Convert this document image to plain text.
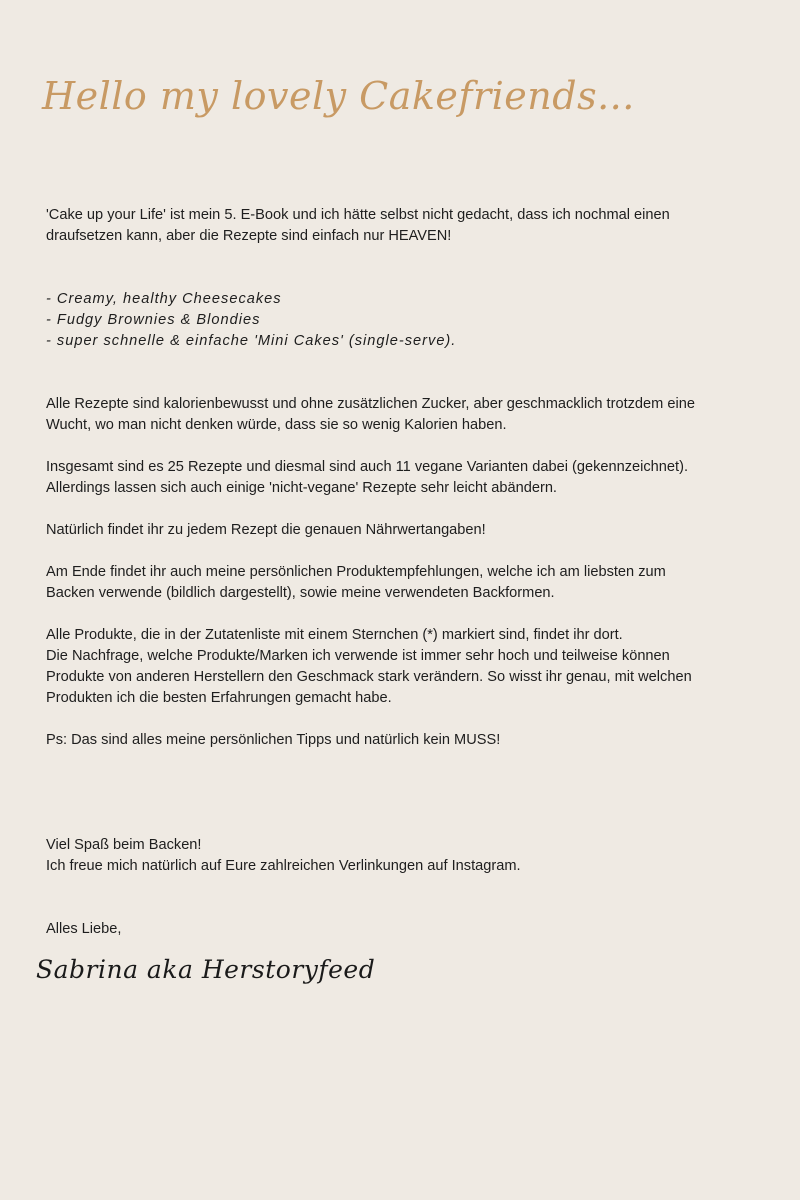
Hello my lovely Cakefriends...

'Cake up your Life' ist mein 5. E-Book und ich hätte selbst nicht gedacht, dass ich nochmal einen
draufsetzen kann, aber die Rezepte sind einfach nur HEAVEN!

- Creamy, healthy Cheesecakes
- Fudgy Brownies & Blondies
- super schnelle & einfache 'Mini Cakes' (single-serve).

Alle Rezepte sind kalorienbewusst und ohne zusätzlichen Zucker, aber geschmacklich trotzdem eine
Wucht, wo man nicht denken würde, dass sie so wenig Kalorien haben.

Insgesamt sind es 25 Rezepte und diesmal sind auch 11 vegane Varianten dabei (gekennzeichnet).
Allerdings lassen sich auch einige 'nicht-vegane' Rezepte sehr leicht abändern.

Natürlich findet ihr zu jedem Rezept die genauen Nährwertangaben!

Am Ende findet ihr auch meine persönlichen Produktempfehlungen, welche ich am liebsten zum
Backen verwende (bildlich dargestellt), sowie meine verwendeten Backformen.

Alle Produkte, die in der Zutatenliste mit einem Sternchen (*) markiert sind, findet ihr dort.
Die Nachfrage, welche Produkte/Marken ich verwende ist immer sehr hoch und teilweise können
Produkte von anderen Herstellern den Geschmack stark verändern. So wisst ihr genau, mit welchen
Produkten ich die besten Erfahrungen gemacht habe.

Ps: Das sind alles meine persönlichen Tipps und natürlich kein MUSS!

Viel Spaß beim Backen!
Ich freue mich natürlich auf Eure zahlreichen Verlinkungen auf Instagram.

Alles Liebe,

Sabrina aka Herstoryfeed
